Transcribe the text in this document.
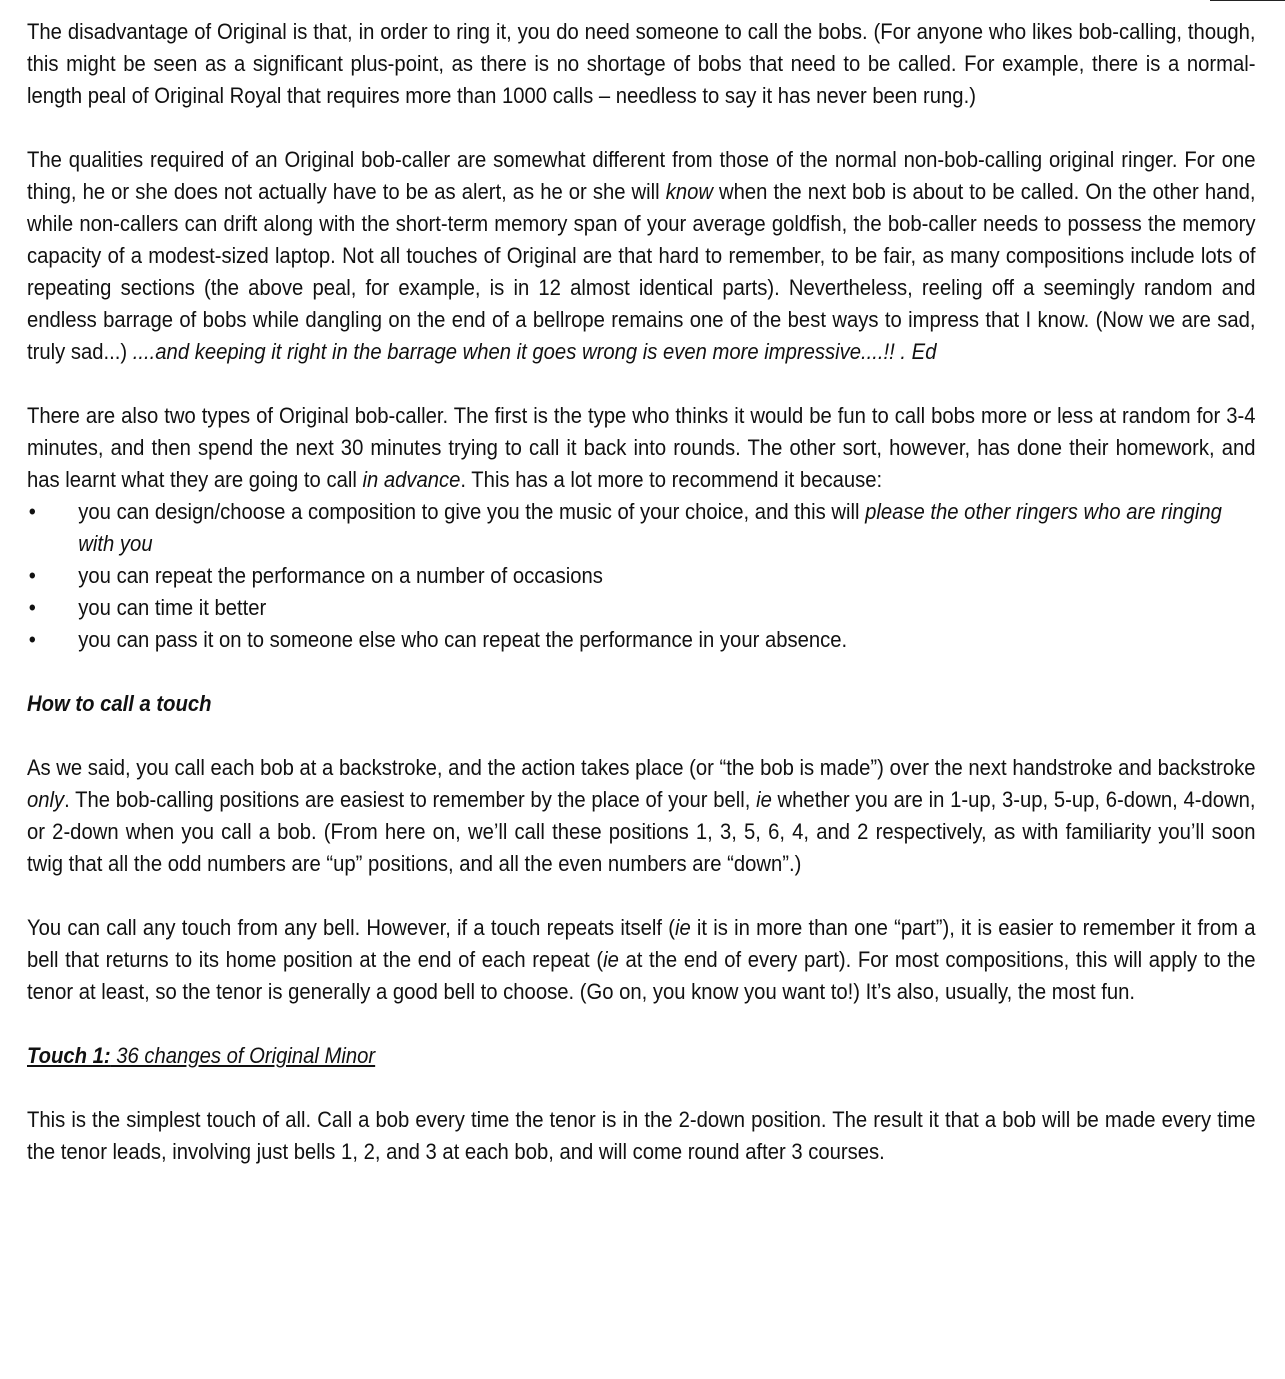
The disadvantage of Original is that, in order to ring it, you do need someone to call the bobs. (For anyone who likes bob-calling, though, this might be seen as a significant plus-point, as there is no shortage of bobs that need to be called. For example, there is a normal-length peal of Original Royal that requires more than 1000 calls – needless to say it has never been rung.)

The qualities required of an Original bob-caller are somewhat different from those of the normal non-bob-calling original ringer. For one thing, he or she does not actually have to be as alert, as he or she will know when the next bob is about to be called. On the other hand, while non-callers can drift along with the short-term memory span of your average goldfish, the bob-caller needs to possess the memory capacity of a modest-sized laptop. Not all touches of Original are that hard to remember, to be fair, as many compositions include lots of repeating sections (the above peal, for example, is in 12 almost identical parts). Nevertheless, reeling off a seemingly random and endless barrage of bobs while dangling on the end of a bellrope remains one of the best ways to impress that I know. (Now we are sad, truly sad...) ....and keeping it right in the barrage when it goes wrong is even more impressive....!! . Ed

There are also two types of Original bob-caller. The first is the type who thinks it would be fun to call bobs more or less at random for 3-4 minutes, and then spend the next 30 minutes trying to call it back into rounds. The other sort, however, has done their homework, and has learnt what they are going to call in advance. This has a lot more to recommend it because:

•	you can design/choose a composition to give you the music of your choice, and this will please the other ringers who are ringing with you
•	you can repeat the performance on a number of occasions
•	you can time it better
•	you can pass it on to someone else who can repeat the performance in your absence.

How to call a touch

As we said, you call each bob at a backstroke, and the action takes place (or “the bob is made”) over the next handstroke and backstroke only. The bob-calling positions are easiest to remember by the place of your bell, ie whether you are in 1-up, 3-up, 5-up, 6-down, 4-down, or 2-down when you call a bob. (From here on, we’ll call these positions 1, 3, 5, 6, 4, and 2 respectively, as with familiarity you’ll soon twig that all the odd numbers are “up” positions, and all the even numbers are “down”.)

You can call any touch from any bell. However, if a touch repeats itself (ie it is in more than one “part”), it is easier to remember it from a bell that returns to its home position at the end of each repeat (ie at the end of every part). For most compositions, this will apply to the tenor at least, so the tenor is generally a good bell to choose. (Go on, you know you want to!) It’s also, usually, the most fun.

Touch 1: 36 changes of Original Minor

This is the simplest touch of all. Call a bob every time the tenor is in the 2-down position. The result it that a bob will be made every time the tenor leads, involving just bells 1, 2, and 3 at each bob, and will come round after 3 courses.
